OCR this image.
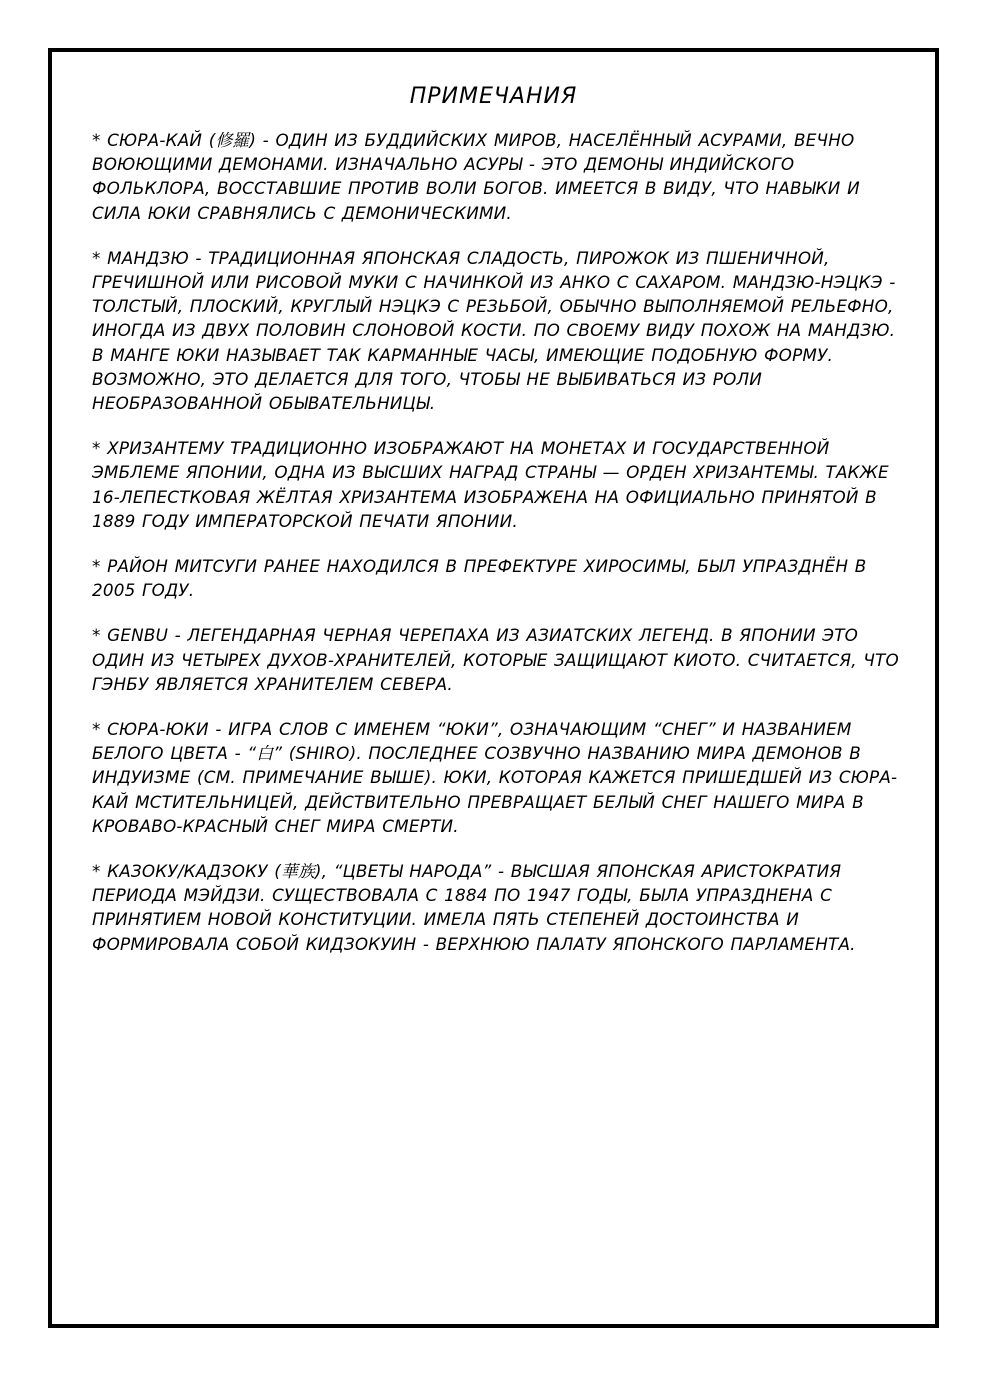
ПРИМЕЧАНИЯ

* СЮРА-КАЙ (修羅) - ОДИН ИЗ БУДДИЙСКИХ МИРОВ, НАСЕЛЁННЫЙ АСУРАМИ, ВЕЧНО ВОЮЮЩИМИ ДЕМОНАМИ. ИЗНАЧАЛЬНО АСУРЫ - ЭТО ДЕМОНЫ ИНДИЙСКОГО ФОЛЬКЛОРА, ВОССТАВШИЕ ПРОТИВ ВОЛИ БОГОВ. ИМЕЕТСЯ В ВИДУ, ЧТО НАВЫКИ И СИЛА ЮКИ СРАВНЯЛИСЬ С ДЕМОНИЧЕСКИМИ.

* МАНДЗЮ - ТРАДИЦИОННАЯ ЯПОНСКАЯ СЛАДОСТЬ, ПИРОЖОК ИЗ ПШЕНИЧНОЙ, ГРЕЧИШНОЙ ИЛИ РИСОВОЙ МУКИ С НАЧИНКОЙ ИЗ АНКО С САХАРОМ. МАНДЗЮ-НЭЦКЭ - ТОЛСТЫЙ, ПЛОСКИЙ, КРУГЛЫЙ НЭЦКЭ С РЕЗЬБОЙ, ОБЫЧНО ВЫПОЛНЯЕМОЙ РЕЛЬЕФНО, ИНОГДА ИЗ ДВУХ ПОЛОВИН СЛОНОВОЙ КОСТИ. ПО СВОЕМУ ВИДУ ПОХОЖ НА МАНДЗЮ. В МАНГЕ ЮКИ НАЗЫВАЕТ ТАК КАРМАННЫЕ ЧАСЫ, ИМЕЮЩИЕ ПОДОБНУЮ ФОРМУ. ВОЗМОЖНО, ЭТО ДЕЛАЕТСЯ ДЛЯ ТОГО, ЧТОБЫ НЕ ВЫБИВАТЬСЯ ИЗ РОЛИ НЕОБРАЗОВАННОЙ ОБЫВАТЕЛЬНИЦЫ.

* ХРИЗАНТЕМУ ТРАДИЦИОННО ИЗОБРАЖАЮТ НА МОНЕТАХ И ГОСУДАРСТВЕННОЙ ЭМБЛЕМЕ ЯПОНИИ, ОДНА ИЗ ВЫСШИХ НАГРАД СТРАНЫ — ОРДЕН ХРИЗАНТЕМЫ. ТАКЖЕ 16-ЛЕПЕСТКОВАЯ ЖЁЛТАЯ ХРИЗАНТЕМА ИЗОБРАЖЕНА НА ОФИЦИАЛЬНО ПРИНЯТОЙ В 1889 ГОДУ ИМПЕРАТОРСКОЙ ПЕЧАТИ ЯПОНИИ.

* РАЙОН МИТСУГИ РАНЕЕ НАХОДИЛСЯ В ПРЕФЕКТУРЕ ХИРОСИМЫ, БЫЛ УПРАЗДНЁН В 2005 ГОДУ.

* GENBU - ЛЕГЕНДАРНАЯ ЧЕРНАЯ ЧЕРЕПАХА ИЗ АЗИАТСКИХ ЛЕГЕНД. В ЯПОНИИ ЭТО ОДИН ИЗ ЧЕТЫРЕХ ДУХОВ-ХРАНИТЕЛЕЙ, КОТОРЫЕ ЗАЩИЩАЮТ КИОТО. СЧИТАЕТСЯ, ЧТО ГЭНБУ ЯВЛЯЕТСЯ ХРАНИТЕЛЕМ СЕВЕРА.

* СЮРА-ЮКИ - ИГРА СЛОВ С ИМЕНЕМ “ЮКИ”, ОЗНАЧАЮЩИМ “СНЕГ” И НАЗВАНИЕМ БЕЛОГО ЦВЕТА - “白” (SHIRO). ПОСЛЕДНЕЕ СОЗВУЧНО НАЗВАНИЮ МИРА ДЕМОНОВ В ИНДУИЗМЕ (СМ. ПРИМЕЧАНИЕ ВЫШЕ). ЮКИ, КОТОРАЯ КАЖЕТСЯ ПРИШЕДШЕЙ ИЗ СЮРА-КАЙ МСТИТЕЛЬНИЦЕЙ, ДЕЙСТВИТЕЛЬНО ПРЕВРАЩАЕТ БЕЛЫЙ СНЕГ НАШЕГО МИРА В КРОВАВО-КРАСНЫЙ СНЕГ МИРА СМЕРТИ.

* КАЗОКУ/КАДЗОКУ (華族), “ЦВЕТЫ НАРОДА” - ВЫСШАЯ ЯПОНСКАЯ АРИСТОКРАТИЯ ПЕРИОДА МЭЙДЗИ. СУЩЕСТВОВАЛА С 1884 ПО 1947 ГОДЫ, БЫЛА УПРАЗДНЕНА С ПРИНЯТИЕМ НОВОЙ КОНСТИТУЦИИ. ИМЕЛА ПЯТЬ СТЕПЕНЕЙ ДОСТОИНСТВА И ФОРМИРОВАЛА СОБОЙ КИДЗОКУИН - ВЕРХНЮЮ ПАЛАТУ ЯПОНСКОГО ПАРЛАМЕНТА.
